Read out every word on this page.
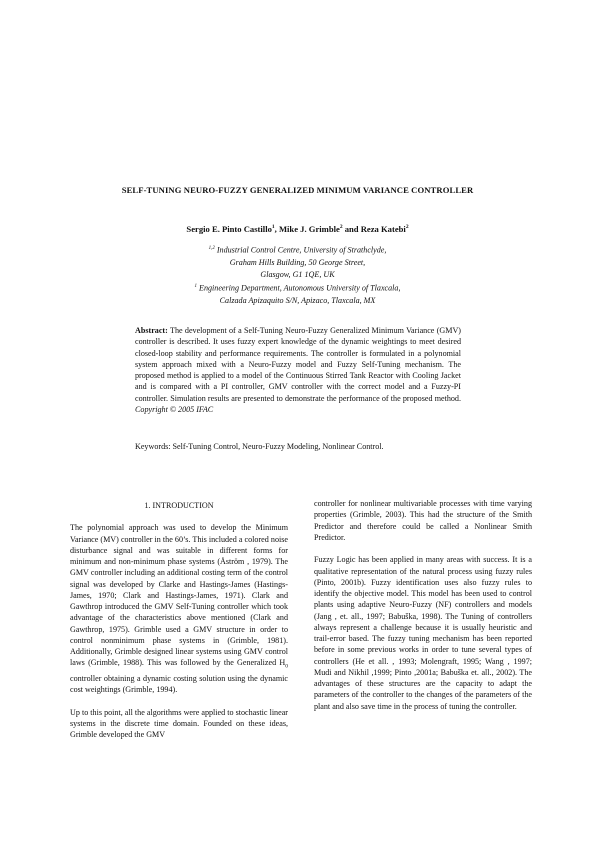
SELF-TUNING NEURO-FUZZY GENERALIZED MINIMUM VARIANCE CONTROLLER
Sergio E. Pinto Castillo$^1$, Mike J. Grimble$^2$ and Reza Katebi$^2$
$^{1,2}$ Industrial Control Centre, University of Strathclyde,
Graham Hills Building, 50 George Street,
Glasgow, G1 1QE, UK
$^1$ Engineering Department, Autonomous University of Tlaxcala,
Calzada Apizaquito S/N, Apizaco, Tlaxcala, MX
Abstract: The development of a Self-Tuning Neuro-Fuzzy Generalized Minimum Variance (GMV) controller is described. It uses fuzzy expert knowledge of the dynamic weightings to meet desired closed-loop stability and performance requirements. The controller is formulated in a polynomial system approach mixed with a Neuro-Fuzzy model and Fuzzy Self-Tuning mechanism. The proposed method is applied to a model of the Continuous Stirred Tank Reactor with Cooling Jacket and is compared with a PI controller, GMV controller with the correct model and a Fuzzy-PI controller. Simulation results are presented to demonstrate the performance of the proposed method. Copyright © 2005 IFAC
Keywords: Self-Tuning Control, Neuro-Fuzzy Modeling, Nonlinear Control.

1. INTRODUCTION

The polynomial approach was used to develop the Minimum Variance (MV) controller in the 60’s. This included a colored noise disturbance signal and was suitable in different forms for minimum and non-minimum phase systems (Åström , 1979). The GMV controller including an additional costing term of the control signal was developed by Clarke and Hastings-James (Hastings-James, 1970; Clark and Hastings-James, 1971). Clark and Gawthrop introduced the GMV Self-Tuning controller which took advantage of the characteristics above mentioned (Clark and Gawthrop, 1975). Grimble used a GMV structure in order to control nonminimum phase systems in (Grimble, 1981). Additionally, Grimble designed linear systems using GMV control laws (Grimble, 1988). This was followed by the Generalized $H_0$ controller obtaining a dynamic costing solution using the dynamic cost weightings (Grimble, 1994).

Up to this point, all the algorithms were applied to stochastic linear systems in the discrete time domain. Founded on these ideas, Grimble developed the GMV

controller for nonlinear multivariable processes with time varying properties (Grimble, 2003). This had the structure of the Smith Predictor and therefore could be called a Nonlinear Smith Predictor.

Fuzzy Logic has been applied in many areas with success. It is a qualitative representation of the natural process using fuzzy rules (Pinto, 2001b). Fuzzy identification uses also fuzzy rules to identify the objective model. This model has been used to control plants using adaptive Neuro-Fuzzy (NF) controllers and models (Jang , et. all., 1997; Babuška, 1998). The Tuning of controllers always represent a challenge because it is usually heuristic and trail-error based. The fuzzy tuning mechanism has been reported before in some previous works in order to tune several types of controllers (He et all. , 1993; Molengraft, 1995; Wang , 1997; Mudi and Nikhil ,1999; Pinto ,2001a; Babuška et. all., 2002). The advantages of these structures are the capacity to adapt the parameters of the controller to the changes of the parameters of the plant and also save time in the process of tuning the controller.
